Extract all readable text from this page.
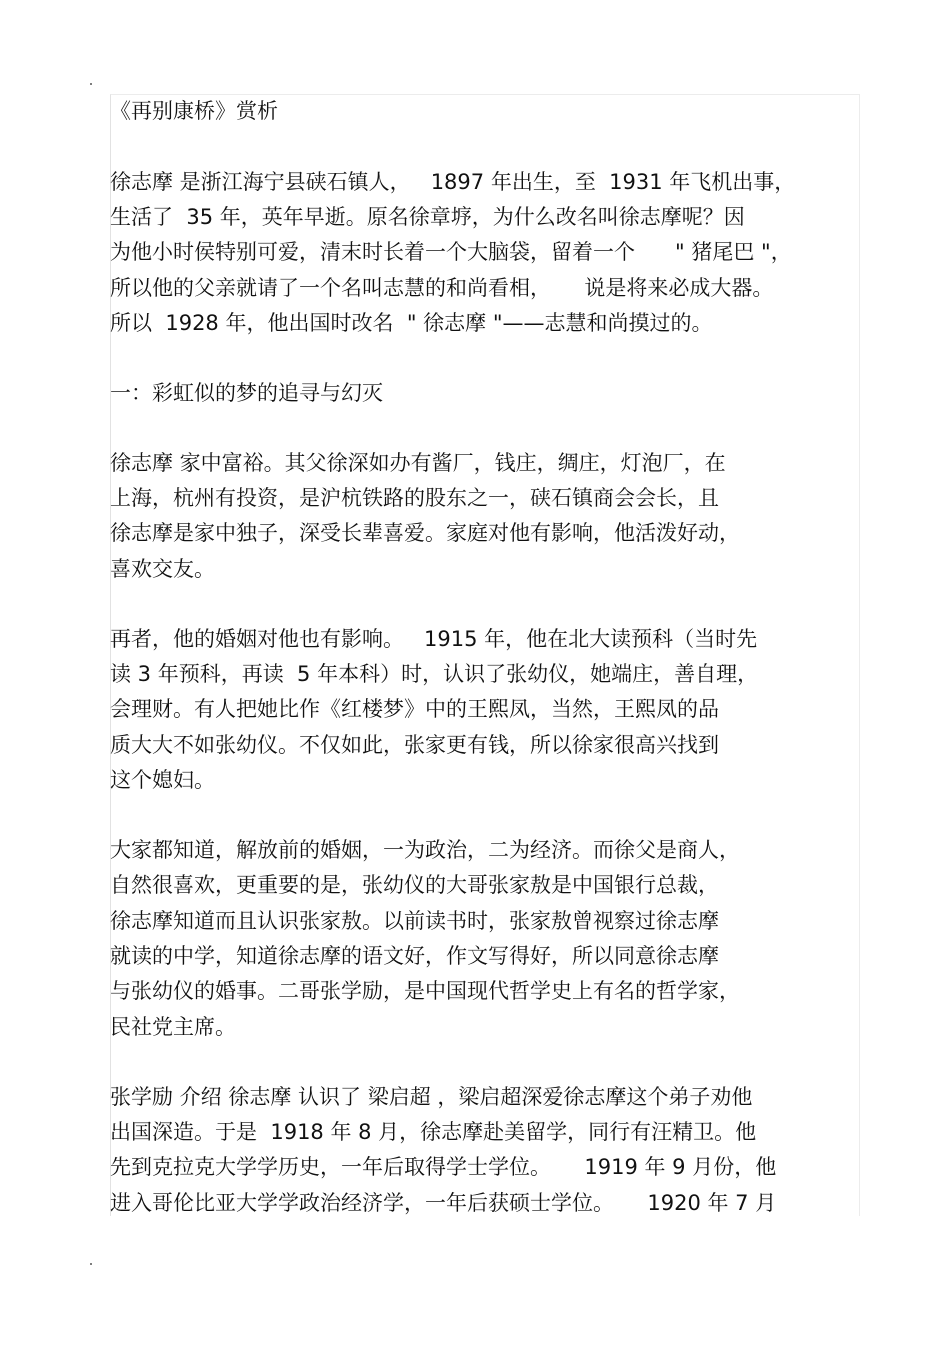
《再别康桥》赏析
徐志摩 是浙江海宁县硖石镇人，   1897 年出生，至  1931 年飞机出事，
生活了  35 年，英年早逝。原名徐章垿，为什么改名叫徐志摩呢？因
为他小时侯特别可爱，清末时长着一个大脑袋，留着一个      " 猪尾巴 "，
所以他的父亲就请了一个名叫志慧的和尚看相，     说是将来必成大器。
所以  1928 年，他出国时改名  " 徐志摩 "——志慧和尚摸过的。
一：彩虹似的梦的追寻与幻灭
徐志摩 家中富裕。其父徐深如办有酱厂，钱庄，绸庄，灯泡厂，在
上海，杭州有投资，是沪杭铁路的股东之一，硖石镇商会会长，且
徐志摩是家中独子，深受长辈喜爱。家庭对他有影响，他活泼好动，
喜欢交友。
再者，他的婚姻对他也有影响。   1915 年，他在北大读预科（当时先
读 3 年预科，再读  5 年本科）时，认识了张幼仪，她端庄，善自理，
会理财。有人把她比作《红楼梦》中的王熙凤，当然，王熙凤的品
质大大不如张幼仪。不仅如此，张家更有钱，所以徐家很高兴找到
这个媳妇。
大家都知道，解放前的婚姻，一为政治，二为经济。而徐父是商人，
自然很喜欢，更重要的是，张幼仪的大哥张家敖是中国银行总裁，
徐志摩知道而且认识张家敖。以前读书时，张家敖曾视察过徐志摩
就读的中学，知道徐志摩的语文好，作文写得好，所以同意徐志摩
与张幼仪的婚事。二哥张学励，是中国现代哲学史上有名的哲学家，
民社党主席。
张学励 介绍 徐志摩 认识了 梁启超 ，梁启超深爱徐志摩这个弟子劝他
出国深造。于是  1918 年 8 月，徐志摩赴美留学，同行有汪精卫。他
先到克拉克大学学历史，一年后取得学士学位。     1919 年 9 月份，他
进入哥伦比亚大学学政治经济学，一年后获硕士学位。     1920 年 7 月
